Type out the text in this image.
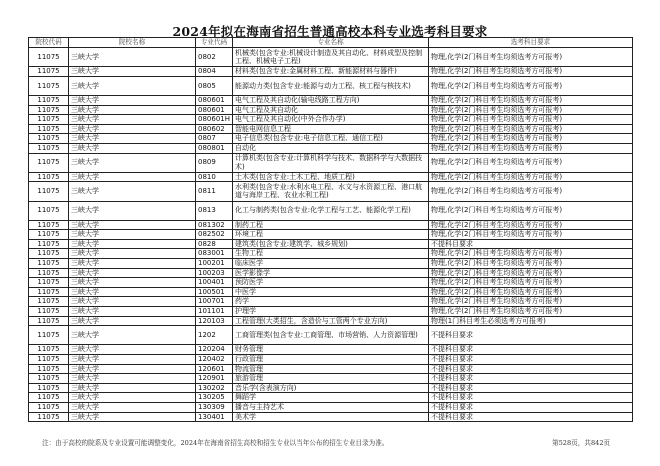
2024年拟在海南省招生普通高校本科专业选考科目要求
院校代码	院校名称	专业代码	专业名称	选考科目要求
11075	三峡大学	0802	机械类(包含专业:机械设计制造及其自动化、材料成型及控制工程、机械电子工程)	物理,化学(2门科目考生均须选考方可报考)
11075	三峡大学	0804	材料类(包含专业:金属材料工程、新能源材料与器件)	物理,化学(2门科目考生均须选考方可报考)
11075	三峡大学	0805	能源动力类(包含专业:能源与动力工程、核工程与核技术)	物理,化学(2门科目考生均须选考方可报考)
11075	三峡大学	080601	电气工程及其自动化(输电线路工程方向)	物理,化学(2门科目考生均须选考方可报考)
11075	三峡大学	080601	电气工程及其自动化	物理,化学(2门科目考生均须选考方可报考)
11075	三峡大学	080601H	电气工程及其自动化(中外合作办学)	物理,化学(2门科目考生均须选考方可报考)
11075	三峡大学	080602	智能电网信息工程	物理,化学(2门科目考生均须选考方可报考)
11075	三峡大学	0807	电子信息类(包含专业:电子信息工程、通信工程)	物理,化学(2门科目考生均须选考方可报考)
11075	三峡大学	080801	自动化	物理,化学(2门科目考生均须选考方可报考)
11075	三峡大学	0809	计算机类(包含专业:计算机科学与技术、数据科学与大数据技术)	物理,化学(2门科目考生均须选考方可报考)
11075	三峡大学	0810	土木类(包含专业:土木工程、地质工程)	物理,化学(2门科目考生均须选考方可报考)
11075	三峡大学	0811	水利类(包含专业:水利水电工程、水文与水资源工程、港口航道与海岸工程、农业水利工程)	物理,化学(2门科目考生均须选考方可报考)
11075	三峡大学	0813	化工与制药类(包含专业:化学工程与工艺、能源化学工程)	物理,化学(2门科目考生均须选考方可报考)
11075	三峡大学	081302	制药工程	物理,化学(2门科目考生均须选考方可报考)
11075	三峡大学	082502	环境工程	物理,化学(2门科目考生均须选考方可报考)
11075	三峡大学	0828	建筑类(包含专业:建筑学、城乡规划)	不提科目要求
11075	三峡大学	083001	生物工程	物理,化学(2门科目考生均须选考方可报考)
11075	三峡大学	100201	临床医学	物理,化学(2门科目考生均须选考方可报考)
11075	三峡大学	100203	医学影像学	物理,化学(2门科目考生均须选考方可报考)
11075	三峡大学	100401	预防医学	物理,化学(2门科目考生均须选考方可报考)
11075	三峡大学	100501	中医学	物理,化学(2门科目考生均须选考方可报考)
11075	三峡大学	100701	药学	物理,化学(2门科目考生均须选考方可报考)
11075	三峡大学	101101	护理学	物理,化学(2门科目考生均须选考方可报考)
11075	三峡大学	120103	工程管理(大类招生，含造价与工管两个专业方向)	物理(1门科目考生必须选考方可报考)
11075	三峡大学	1202	工商管理类(包含专业:工商管理、市场营销、人力资源管理)	不提科目要求
11075	三峡大学	120204	财务管理	不提科目要求
11075	三峡大学	120402	行政管理	不提科目要求
11075	三峡大学	120601	物流管理	不提科目要求
11075	三峡大学	120901	旅游管理	不提科目要求
11075	三峡大学	130202	音乐学(含表演方向)	不提科目要求
11075	三峡大学	130205	舞蹈学	不提科目要求
11075	三峡大学	130309	播音与主持艺术	不提科目要求
11075	三峡大学	130401	美术学	不提科目要求
注：由于高校的院系及专业设置可能调整变化，2024年在海南省招生高校和招生专业以当年公布的招生专业目录为准。	第528页，共842页
